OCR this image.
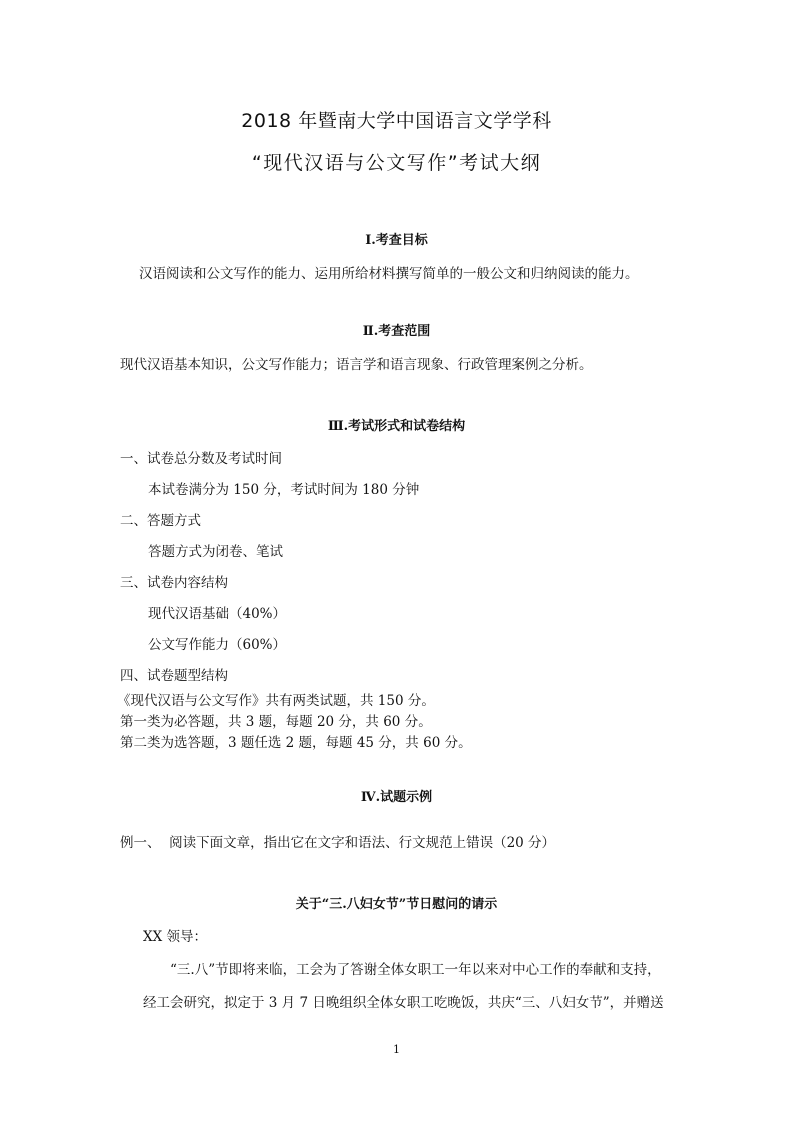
2018 年暨南大学中国语言文学学科
“现代汉语与公文写作”考试大纲
Ⅰ.考查目标
汉语阅读和公文写作的能力、运用所给材料撰写简单的一般公文和归纳阅读的能力。
Ⅱ.考查范围
现代汉语基本知识，公文写作能力；语言学和语言现象、行政管理案例之分析。
Ⅲ.考试形式和试卷结构
一、试卷总分数及考试时间
本试卷满分为 150 分，考试时间为 180 分钟
二、答题方式
答题方式为闭卷、笔试
三、试卷内容结构
现代汉语基础（40%）
公文写作能力（60%）
四、试卷题型结构
《现代汉语与公文写作》共有两类试题，共 150 分。
第一类为必答题，共 3 题，每题 20 分，共 60 分。
第二类为选答题，3 题任选 2 题，每题 45 分，共 60 分。
Ⅳ.试题示例
例一、  阅读下面文章，指出它在文字和语法、行文规范上错误（20 分）
关于“三.八妇女节”节日慰问的请示
XX 领导：
“三.八”节即将来临，工会为了答谢全体女职工一年以来对中心工作的奉献和支持，
经工会研究，拟定于 3 月 7 日晚组织全体女职工吃晚饭，共庆“三、八妇女节”，并赠送
1
